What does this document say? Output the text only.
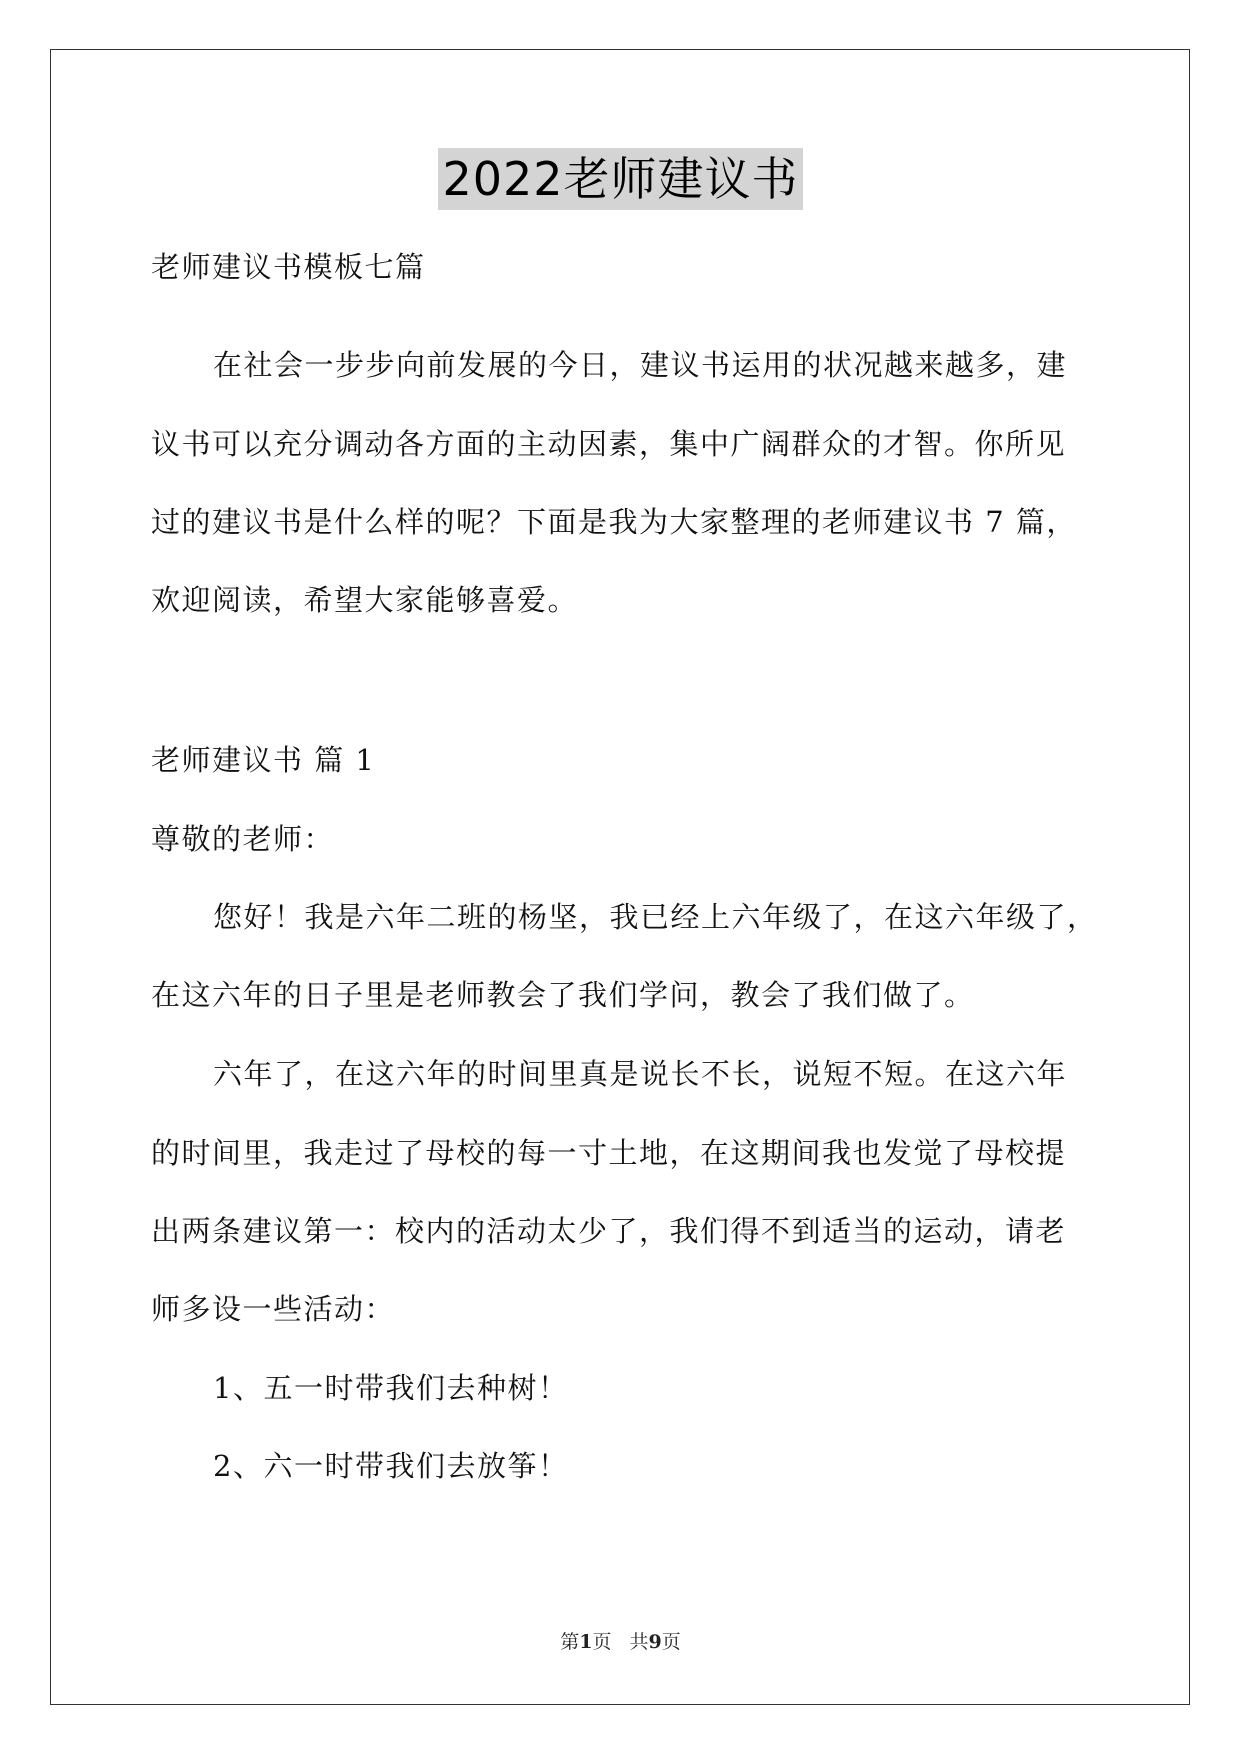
2022老师建议书
老师建议书模板七篇
在社会一步步向前发展的今日，建议书运用的状况越来越多，建
议书可以充分调动各方面的主动因素，集中广阔群众的才智。你所见
过的建议书是什么样的呢？下面是我为大家整理的老师建议书 7 篇，
欢迎阅读，希望大家能够喜爱。
老师建议书 篇 1
尊敬的老师：
您好！我是六年二班的杨坚，我已经上六年级了，在这六年级了，
在这六年的日子里是老师教会了我们学问，教会了我们做了。
六年了，在这六年的时间里真是说长不长，说短不短。在这六年
的时间里，我走过了母校的每一寸土地，在这期间我也发觉了母校提
出两条建议第一：校内的活动太少了，我们得不到适当的运动，请老
师多设一些活动：
1、五一时带我们去种树！
2、六一时带我们去放筝！
第1页 共9页
